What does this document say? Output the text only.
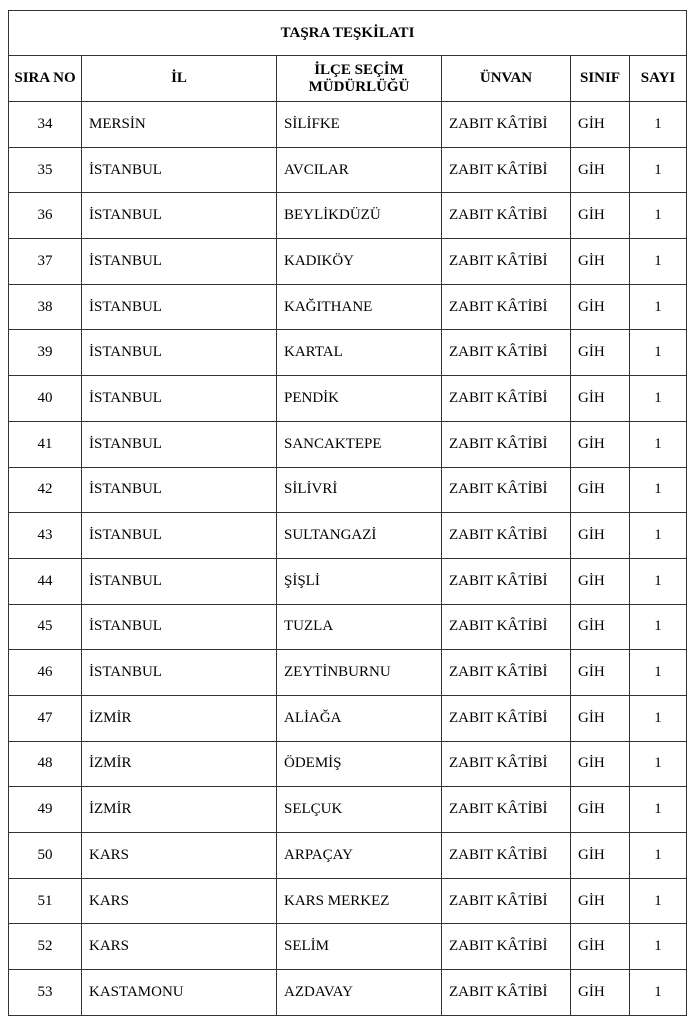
TAŞRA TEŞKİLATI					
SIRA NO	İL	İLÇE SEÇİM MÜDÜRLÜĞÜ	ÜNVAN	SINIF	SAYI
34	MERSİN	SİLİFKE	ZABIT KÂTİBİ	GİH	1
35	İSTANBUL	AVCILAR	ZABIT KÂTİBİ	GİH	1
36	İSTANBUL	BEYLİKDÜZÜ	ZABIT KÂTİBİ	GİH	1
37	İSTANBUL	KADIKÖY	ZABIT KÂTİBİ	GİH	1
38	İSTANBUL	KAĞITHANE	ZABIT KÂTİBİ	GİH	1
39	İSTANBUL	KARTAL	ZABIT KÂTİBİ	GİH	1
40	İSTANBUL	PENDİK	ZABIT KÂTİBİ	GİH	1
41	İSTANBUL	SANCAKTEPE	ZABIT KÂTİBİ	GİH	1
42	İSTANBUL	SİLİVRİ	ZABIT KÂTİBİ	GİH	1
43	İSTANBUL	SULTANGAZİ	ZABIT KÂTİBİ	GİH	1
44	İSTANBUL	ŞİŞLİ	ZABIT KÂTİBİ	GİH	1
45	İSTANBUL	TUZLA	ZABIT KÂTİBİ	GİH	1
46	İSTANBUL	ZEYTİNBURNU	ZABIT KÂTİBİ	GİH	1
47	İZMİR	ALİAĞA	ZABIT KÂTİBİ	GİH	1
48	İZMİR	ÖDEMİŞ	ZABIT KÂTİBİ	GİH	1
49	İZMİR	SELÇUK	ZABIT KÂTİBİ	GİH	1
50	KARS	ARPAÇAY	ZABIT KÂTİBİ	GİH	1
51	KARS	KARS MERKEZ	ZABIT KÂTİBİ	GİH	1
52	KARS	SELİM	ZABIT KÂTİBİ	GİH	1
53	KASTAMONU	AZDAVAY	ZABIT KÂTİBİ	GİH	1
